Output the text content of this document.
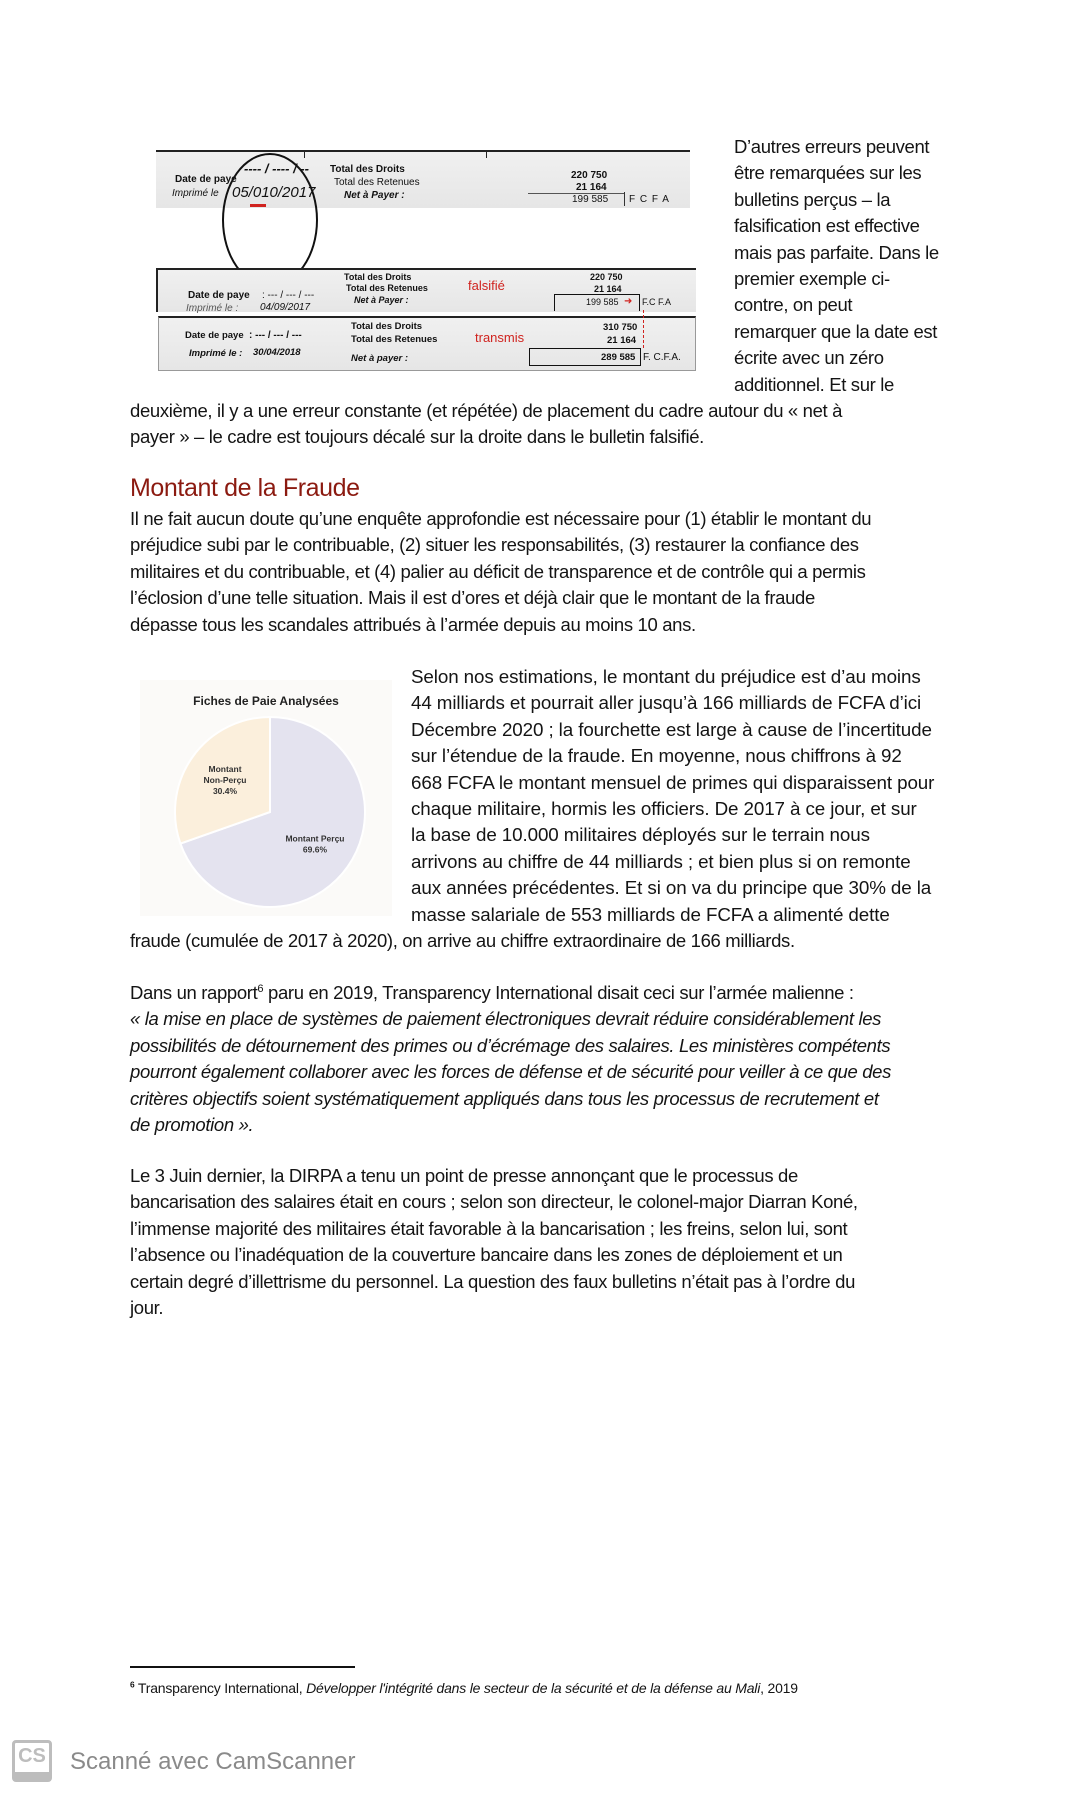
Date de paye
Imprimé le
---- / ---- / --
05/010/2017
Total des Droits
Total des Retenues
Net à Payer :
220 750
21 164
199 585 F C F A
Date de paye : --- / --- / ---
Imprimé le : 04/09/2017
Total des Droits
Total des Retenues
Net à Payer :
falsifié
220 750
21 164
199 585 ➜ F.C F.A
Date de paye : --- / --- / ---
Imprimé le : 30/04/2018
Total des Droits
Total des Retenues
Net à payer :
transmis
310 750
21 164
289 585 F. C.F.A.
D’autres erreurs peuvent
être remarquées sur les
bulletins perçus – la
falsification est effective
mais pas parfaite. Dans le
premier exemple ci-
contre, on peut
remarquer que la date est
écrite avec un zéro
additionnel. Et sur le
deuxième, il y a une erreur constante (et répétée) de placement du cadre autour du « net à
payer » – le cadre est toujours décalé sur la droite dans le bulletin falsifié.
Montant de la Fraude
Il ne fait aucun doute qu’une enquête approfondie est nécessaire pour (1) établir le montant du
préjudice subi par le contribuable, (2) situer les responsabilités, (3) restaurer la confiance des
militaires et du contribuable, et (4) palier au déficit de transparence et de contrôle qui a permis
l’éclosion d’une telle situation. Mais il est d’ores et déjà clair que le montant de la fraude
dépasse tous les scandales attribués à l’armée depuis au moins 10 ans.
Fiches de Paie Analysées
Montant Perçu 69.6%
Montant Non-Perçu 30.4%
Selon nos estimations, le montant du préjudice est d’au moins
44 milliards et pourrait aller jusqu’à 166 milliards de FCFA d’ici
Décembre 2020 ; la fourchette est large à cause de l’incertitude
sur l’étendue de la fraude. En moyenne, nous chiffrons à 92
668 FCFA le montant mensuel de primes qui disparaissent pour
chaque militaire, hormis les officiers. De 2017 à ce jour, et sur
la base de 10.000 militaires déployés sur le terrain nous
arrivons au chiffre de 44 milliards ; et bien plus si on remonte
aux années précédentes. Et si on va du principe que 30% de la
masse salariale de 553 milliards de FCFA a alimenté dette
fraude (cumulée de 2017 à 2020), on arrive au chiffre extraordinaire de 166 milliards.
Dans un rapport$^6$ paru en 2019, Transparency International disait ceci sur l’armée malienne :
« la mise en place de systèmes de paiement électroniques devrait réduire considérablement les
possibilités de détournement des primes ou d’écrémage des salaires. Les ministères compétents
pourront également collaborer avec les forces de défense et de sécurité pour veiller à ce que des
critères objectifs soient systématiquement appliqués dans tous les processus de recrutement et
de promotion ».
Le 3 Juin dernier, la DIRPA a tenu un point de presse annonçant que le processus de
bancarisation des salaires était en cours ; selon son directeur, le colonel-major Diarran Koné,
l’immense majorité des militaires était favorable à la bancarisation ; les freins, selon lui, sont
l’absence ou l’inadéquation de la couverture bancaire dans les zones de déploiement et un
certain degré d’illettrisme du personnel. La question des faux bulletins n’était pas à l’ordre du
jour.
$^6$ Transparency International, Développer l'intégrité dans le secteur de la sécurité et de la défense au Mali, 2019
CS Scanné avec CamScanner
